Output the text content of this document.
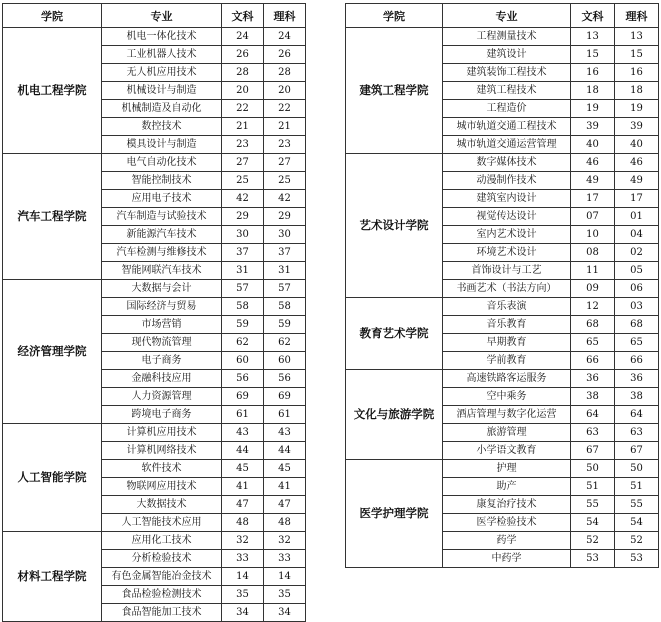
学院	专业	文科	理科
机电工程学院	机电一体化技术	24	24
	工业机器人技术	26	26
	无人机应用技术	28	28
	机械设计与制造	20	20
	机械制造及自动化	22	22
	数控技术	21	21
	模具设计与制造	23	23
汽车工程学院	电气自动化技术	27	27
	智能控制技术	25	25
	应用电子技术	42	42
	汽车制造与试验技术	29	29
	新能源汽车技术	30	30
	汽车检测与维修技术	37	37
	智能网联汽车技术	31	31
经济管理学院	大数据与会计	57	57
	国际经济与贸易	58	58
	市场营销	59	59
	现代物流管理	62	62
	电子商务	60	60
	金融科技应用	56	56
	人力资源管理	69	69
	跨境电子商务	61	61
人工智能学院	计算机应用技术	43	43
	计算机网络技术	44	44
	软件技术	45	45
	物联网应用技术	41	41
	大数据技术	47	47
	人工智能技术应用	48	48
材料工程学院	应用化工技术	32	32
	分析检验技术	33	33
	有色金属智能冶金技术	14	14
	食品检验检测技术	35	35
	食品智能加工技术	34	34
学院	专业	文科	理科
建筑工程学院	工程测量技术	13	13
	建筑设计	15	15
	建筑装饰工程技术	16	16
	建筑工程技术	18	18
	工程造价	19	19
	城市轨道交通工程技术	39	39
	城市轨道交通运营管理	40	40
艺术设计学院	数字媒体技术	46	46
	动漫制作技术	49	49
	建筑室内设计	17	17
	视觉传达设计	07	01
	室内艺术设计	10	04
	环境艺术设计	08	02
	首饰设计与工艺	11	05
	书画艺术（书法方向）	09	06
教育艺术学院	音乐表演	12	03
	音乐教育	68	68
	早期教育	65	65
	学前教育	66	66
文化与旅游学院	高速铁路客运服务	36	36
	空中乘务	38	38
	酒店管理与数字化运营	64	64
	旅游管理	63	63
	小学语文教育	67	67
医学护理学院	护理	50	50
	助产	51	51
	康复治疗技术	55	55
	医学检验技术	54	54
	药学	52	52
	中药学	53	53
